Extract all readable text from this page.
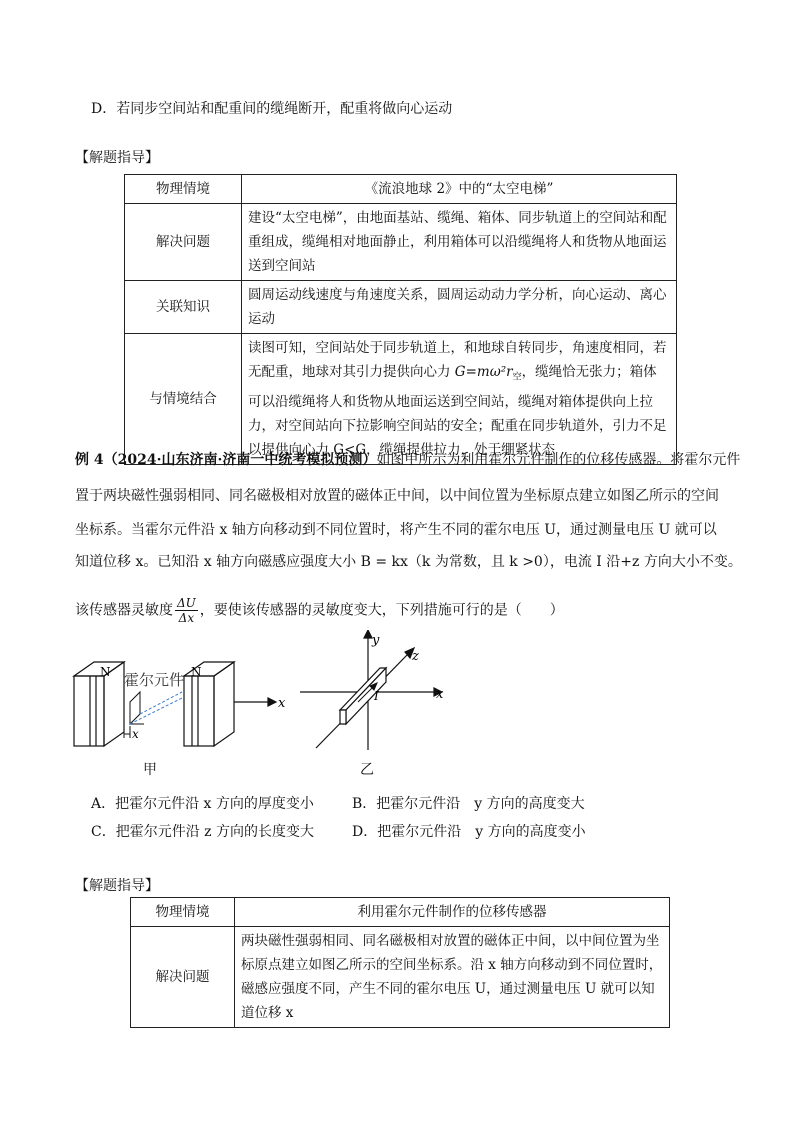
D．若同步空间站和配重间的缆绳断开，配重将做向心运动
【解题指导】
物理情境	《流浪地球 2》中的“太空电梯”
解决问题	建设“太空电梯”，由地面基站、缆绳、箱体、同步轨道上的空间站和配重组成，缆绳相对地面静止，利用箱体可以沿缆绳将人和货物从地面运送到空间站
关联知识	圆周运动线速度与角速度关系，圆周运动动力学分析，向心运动、离心运动
与情境结合	读图可知，空间站处于同步轨道上，和地球自转同步，角速度相同，若无配重，地球对其引力提供向心力 $G=m\omega^2r_空$，缆绳恰无张力；箱体可以沿缆绳将人和货物从地面运送到空间站，缆绳对箱体提供向上拉力，对空间站向下拉影响空间站的安全；配重在同步轨道外，引力不足以提供向心力 G<G，缆绳提供拉力，处于绷紧状态
例 4（2024·山东济南·济南一中统考模拟预测）如图甲所示为利用霍尔元件制作的位移传感器。将霍尔元件
置于两块磁性强弱相同、同名磁极相对放置的磁体正中间，以中间位置为坐标原点建立如图乙所示的空间
坐标系。当霍尔元件沿 x 轴方向移动到不同位置时，将产生不同的霍尔电压 U，通过测量电压 U 就可以
知道位移 x。已知沿 x 轴方向磁感应强度大小 B = kx（k 为常数，且 k >0），电流 I 沿+z 方向大小不变。
该传感器灵敏度 $\frac{\Delta U}{\Delta x}$ ，要使该传感器的灵敏度变大，下列措施可行的是（　　）
N	N
霍尔元件
x
x
y
z
x
I
甲	乙
A．把霍尔元件沿 x 方向的厚度变小	B．把霍尔元件沿　y 方向的高度变大
C．把霍尔元件沿 z 方向的长度变大	D．把霍尔元件沿　y 方向的高度变小
【解题指导】
物理情境	利用霍尔元件制作的位移传感器
解决问题	两块磁性强弱相同、同名磁极相对放置的磁体正中间，以中间位置为坐标原点建立如图乙所示的空间坐标系。沿 x 轴方向移动到不同位置时，磁感应强度不同，产生不同的霍尔电压 U，通过测量电压 U 就可以知道位移 x
